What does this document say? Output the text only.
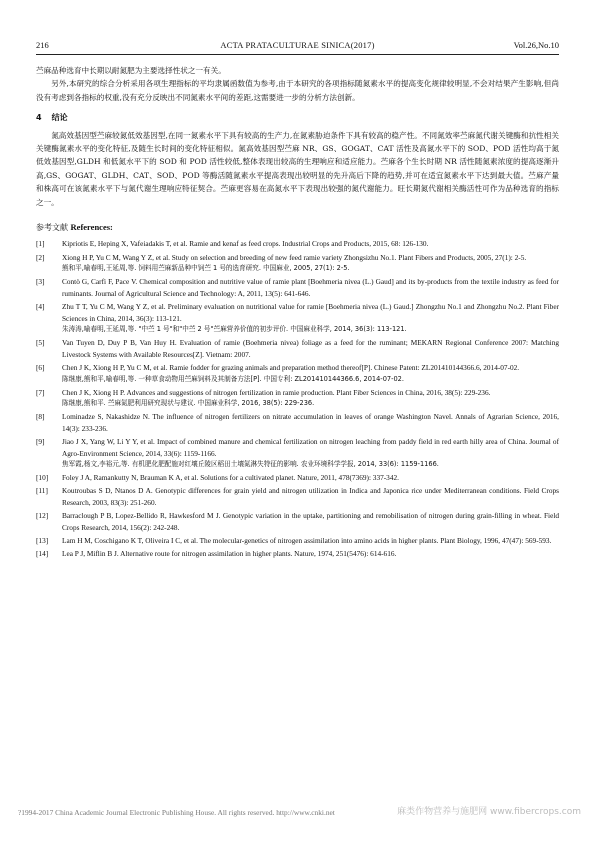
216	ACTA PRATACULTURAE SINICA(2017)	Vol.26,No.10

苎麻品种选育中长期以耐氮肥为主要选择性状之一有关。

另外,本研究的综合分析采用各项生理指标的平均隶属函数值为参考,由于本研究的各项指标随氮素水平的提高变化规律较明显,不会对结果产生影响,但尚没有考虑到各指标的权重,没有充分反映出不同氮素水平间的差距,这需要进一步的分析方法创新。

4 结论

氮高效基因型苎麻较氮低效基因型,在同一氮素水平下具有较高的生产力,在氮素胁迫条件下具有较高的稳产性。不同氮效率苎麻氮代谢关键酶和抗性相关关键酶氮素水平的变化特征,及随生长时间的变化特征相似。氮高效基因型苎麻 NR、GS、GOGAT、CAT 活性及高氮水平下的 SOD、POD 活性均高于氮低效基因型,GLDH 和低氮水平下的 SOD 和 POD 活性较低,整体表现出较高的生理响应和适应能力。苎麻各个生长时期 NR 活性随氮素浓度的提高逐渐升高,GS、GOGAT、GLDH、CAT、SOD、POD 等酶活随氮素水平提高表现出较明显的先升高后下降的趋势,并可在适宜氮素水平下达到最大值。苎麻产量和株高可在该氮素水平下与氮代谢生理响应特征契合。苎麻更容易在高氮水平下表现出较强的氮代谢能力。旺长期氮代谢相关酶活性可作为品种选育的指标之一。

参考文献 References:

[1]	Kipriotis E, Heping X, Vafeiadakis T, et al. Ramie and kenaf as feed crops. Industrial Crops and Products, 2015, 68: 126-130.
[2]	Xiong H P, Yu C M, Wang Y Z, et al. Study on selection and breeding of new feed ramie variety Zhongsizhu No.1. Plant Fibers and Products, 2005, 27(1): 2-5.
熊和平,喻春明,王延周,等. 饲料用苎麻新品种中饲苎 1 号的选育研究. 中国麻业, 2005, 27(1): 2-5.
[3]	Contò G, Carfì F, Pace V. Chemical composition and nutritive value of ramie plant [Boehmeria nivea (L.) Gaud] and its by-products from the textile industry as feed for ruminants. Journal of Agricultural Science and Technology: A, 2011, 13(5): 641-646.
[4]	Zhu T T, Yu C M, Wang Y Z, et al. Preliminary evaluation on nutritional value for ramie [Boehmeria nivea (L.) Gaud.] Zhongzhu No.1 and Zhongzhu No.2. Plant Fiber Sciences in China, 2014, 36(3): 113-121.
朱涛涛,喻春明,王延周,等. "中苎 1 号"和"中苎 2 号"苎麻营养价值的初步评价. 中国麻业科学, 2014, 36(3): 113-121.
[5]	Van Tuyen D, Duy P B, Van Huy H. Evaluation of ramie (Boehmeria nivea) foliage as a feed for the ruminant; MEKARN Regional Conference 2007: Matching Livestock Systems with Available Resources[Z]. Vietnam: 2007.
[6]	Chen J K, Xiong H P, Yu C M, et al. Ramie fodder for grazing animals and preparation method thereof[P]. Chinese Patent: ZL201410144366.6, 2014-07-02.
陈继康,熊和平,喻春明,等. 一种草食动物用苎麻饲料及其制备方法[P]. 中国专利: ZL201410144366.6, 2014-07-02.
[7]	Chen J K, Xiong H P. Advances and suggestions of nitrogen fertilization in ramie production. Plant Fiber Sciences in China, 2016, 38(5): 229-236.
陈继康,熊和平. 苎麻氮肥利用研究现状与建议. 中国麻业科学, 2016, 38(5): 229-236.
[8]	Lominadze S, Nakashidze N. The influence of nitrogen fertilizers on nitrate accumulation in leaves of orange Washington Navel. Annals of Agrarian Science, 2016, 14(3): 233-236.
[9]	Jiao J X, Yang W, Li Y Y, et al. Impact of combined manure and chemical fertilization on nitrogen leaching from paddy field in red earth hilly area of China. Journal of Agro-Environment Science, 2014, 33(6): 1159-1166.
焦军霞,杨文,李裕元,等. 有机肥化肥配施对红壤丘陵区稻田土壤氮淋失特征的影响. 农业环境科学学报, 2014, 33(6): 1159-1166.
[10]	Foley J A, Ramankutty N, Brauman K A, et al. Solutions for a cultivated planet. Nature, 2011, 478(7369): 337-342.
[11]	Koutroubas S D, Ntanos D A. Genotypic differences for grain yield and nitrogen utilization in Indica and Japonica rice under Mediterranean conditions. Field Crops Research, 2003, 83(3): 251-260.
[12]	Barraclough P B, Lopez-Bellido R, Hawkesford M J. Genotypic variation in the uptake, partitioning and remobilisation of nitrogen during grain-filling in wheat. Field Crops Research, 2014, 156(2): 242-248.
[13]	Lam H M, Coschigano K T, Oliveira I C, et al. The molecular-genetics of nitrogen assimilation into amino acids in higher plants. Plant Biology, 1996, 47(47): 569-593.
[14]	Lea P J, Miflin B J. Alternative route for nitrogen assimilation in higher plants. Nature, 1974, 251(5476): 614-616.
?1994-2017 China Academic Journal Electronic Publishing House. All rights reserved. http://www.cnki.net	麻类作物营养与施肥网 www.fibercrops.com
